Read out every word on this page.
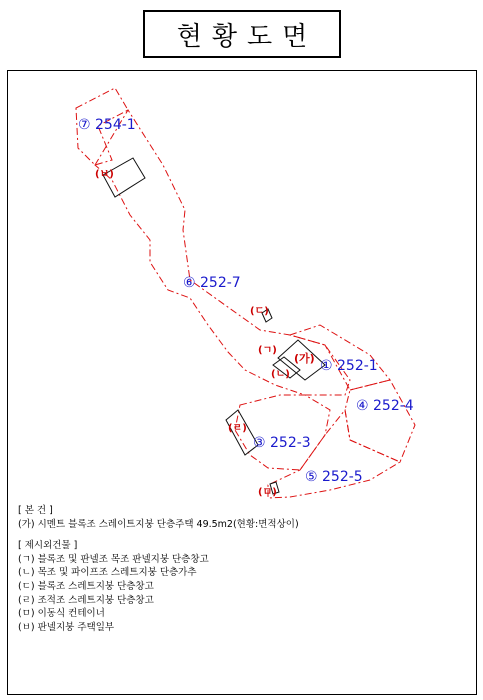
현황도면
⑦ 254-1
⑥ 252-7
① 252-1
④ 252-4
③ 252-3
⑤ 252-5
(ㅂ)
(ㄷ)
(ㄱ)
(가)
(ㄴ)
(ㄹ)
(ㅁ)
[ 본 건 ]
(가) 시멘트 블록조 스레이트지붕 단층주택 49.5m2(현황:면적상이)
[ 제시외건물 ]
(ㄱ) 블록조 및 판넬조 목조 판넬지붕 단층창고
(ㄴ) 목조 및 파이프조 스레트지붕 단층가추
(ㄷ) 블록조 스레트지붕 단층창고
(ㄹ) 조적조 스레트지붕 단층창고
(ㅁ) 이동식 컨테이너
(ㅂ) 판넬지붕 주택일부
